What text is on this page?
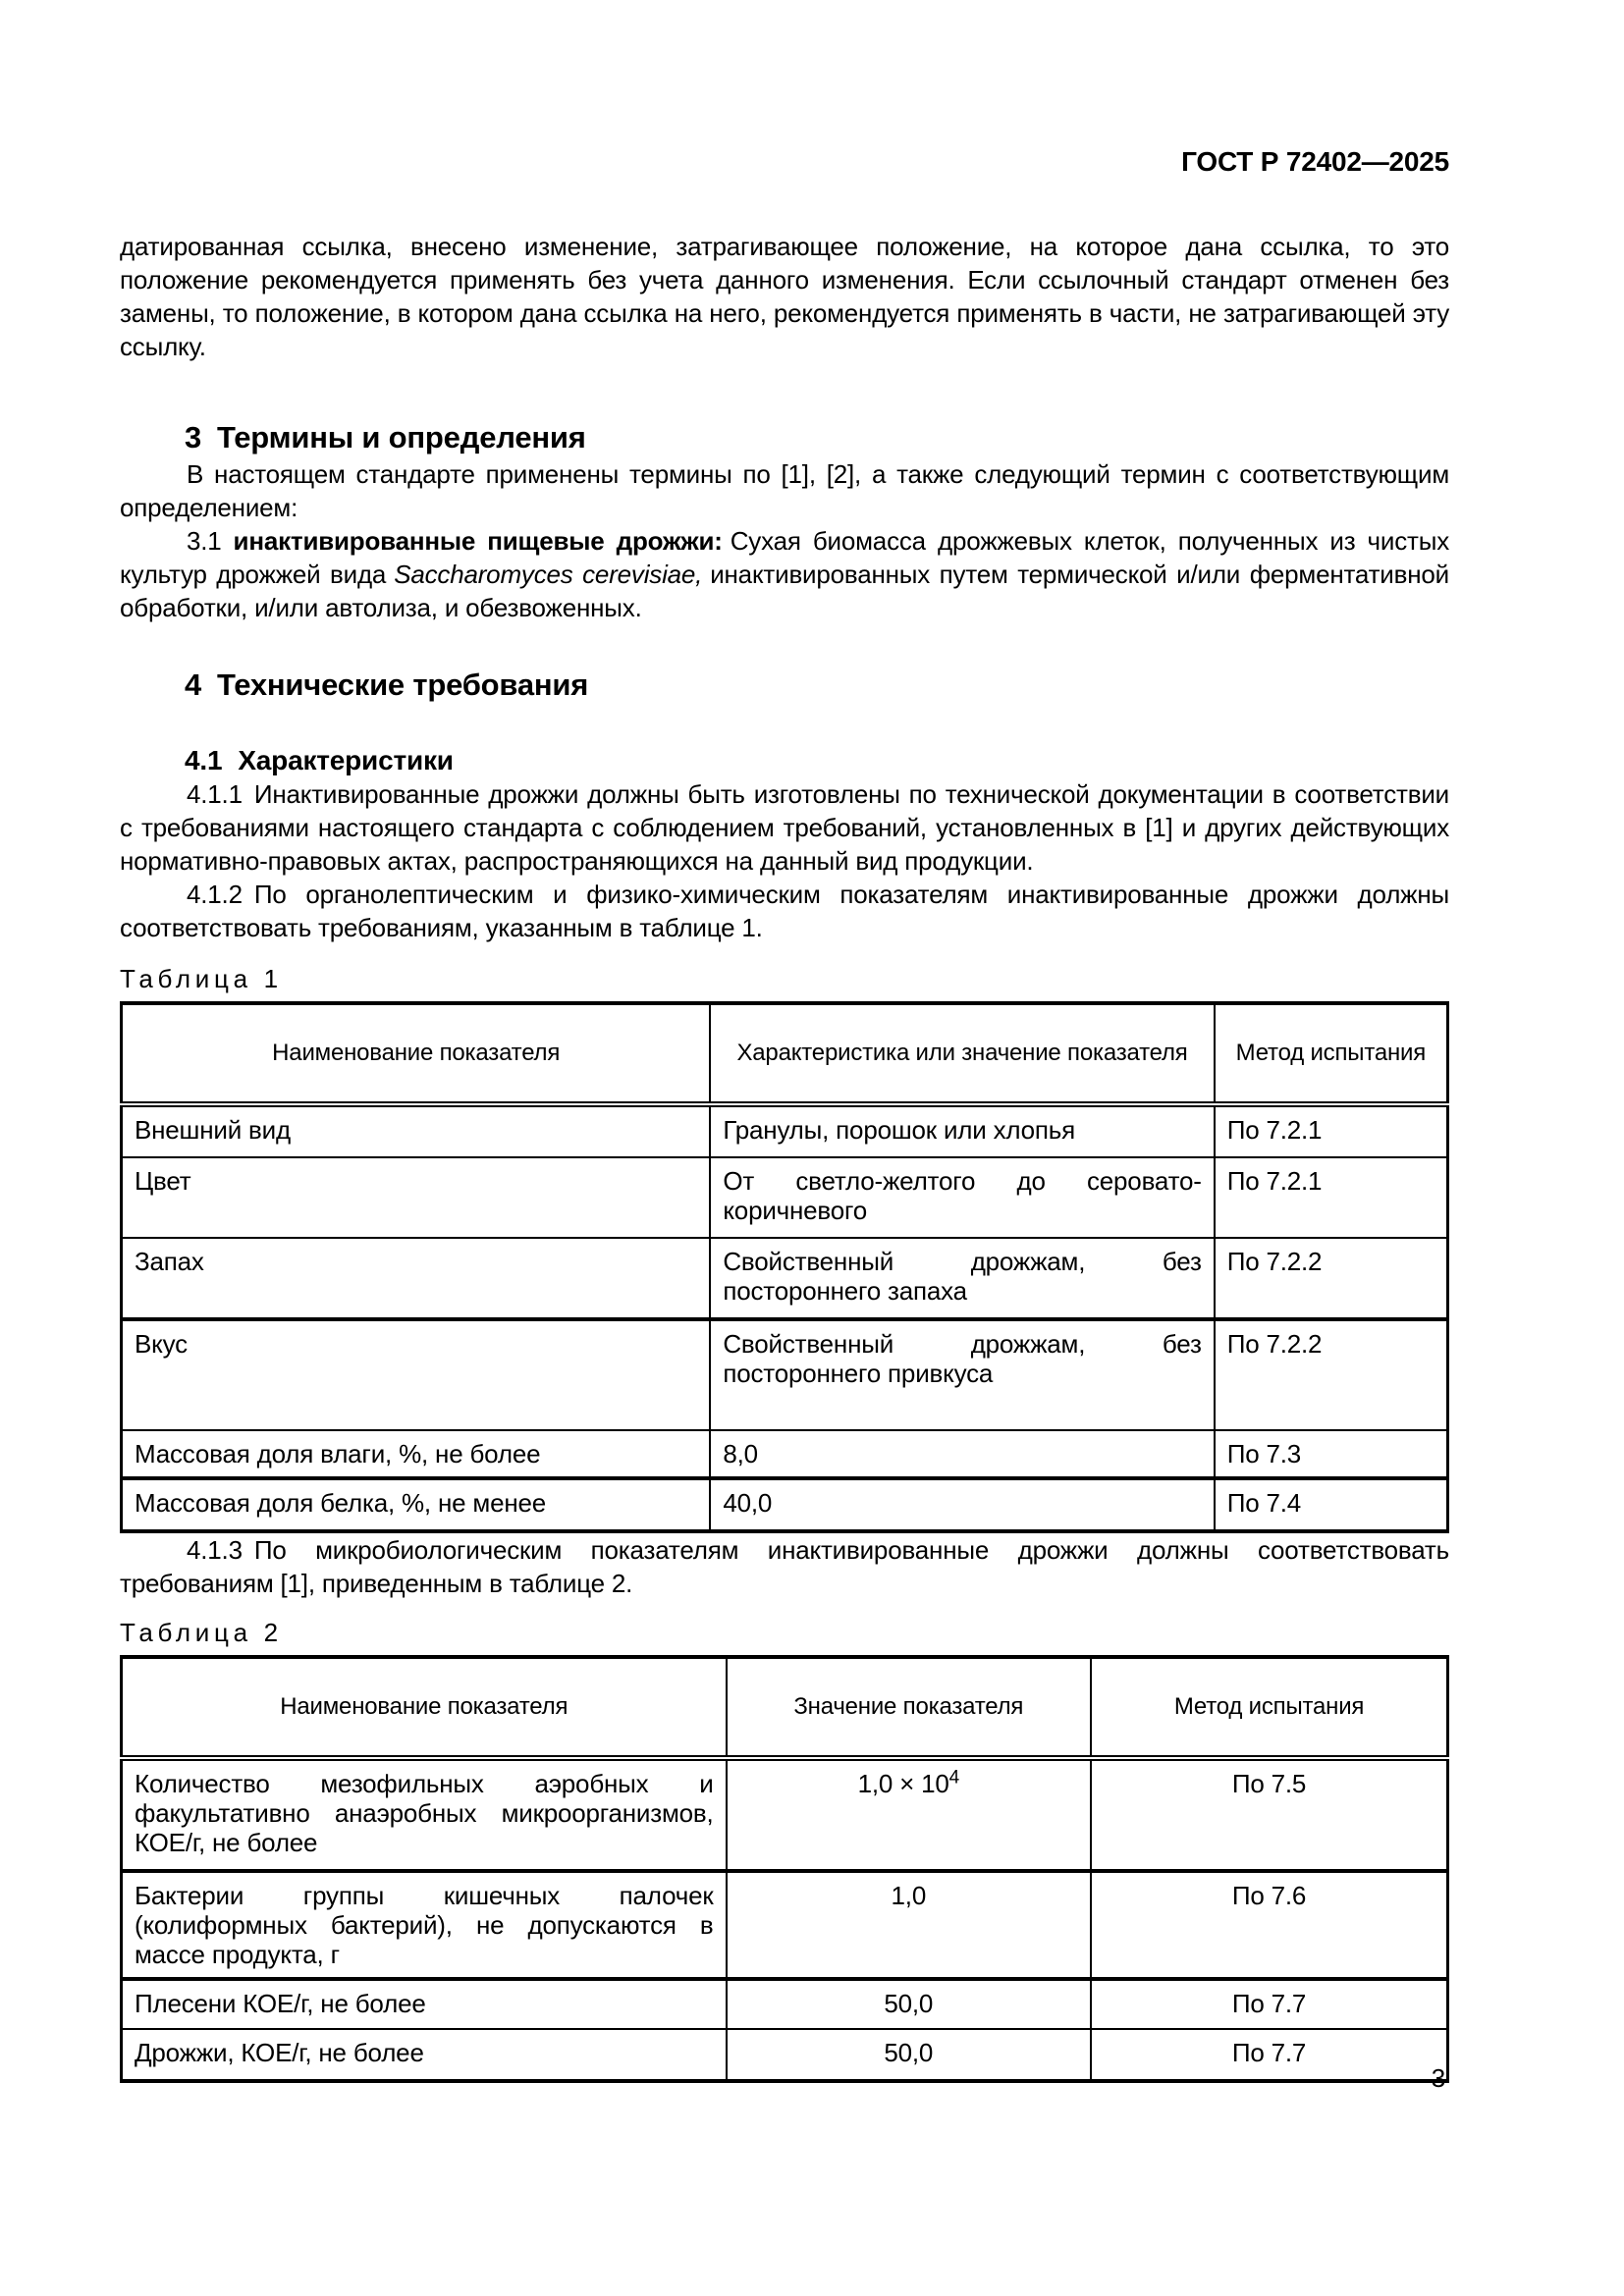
ГОСТ Р 72402—2025

датированная ссылка, внесено изменение, затрагивающее положение, на которое дана ссылка, то это положение рекомендуется применять без учета данного изменения. Если ссылочный стандарт отменен без замены, то положение, в котором дана ссылка на него, рекомендуется применять в части, не затрагивающей эту ссылку.

3 Термины и определения

В настоящем стандарте применены термины по [1], [2], а также следующий термин с соответствующим определением:

3.1 инактивированные пищевые дрожжи: Сухая биомасса дрожжевых клеток, полученных из чистых культур дрожжей вида Saccharomyces cerevisiae, инактивированных путем термической и/или ферментативной обработки, и/или автолиза, и обезвоженных.

4 Технические требования
4.1 Характеристики

4.1.1 Инактивированные дрожжи должны быть изготовлены по технической документации в соответствии с требованиями настоящего стандарта с соблюдением требований, установленных в [1] и других действующих нормативно-правовых актах, распространяющихся на данный вид продукции.

4.1.2 По органолептическим и физико-химическим показателям инактивированные дрожжи должны соответствовать требованиям, указанным в таблице 1.

Таблица 1
Наименование показателя	Характеристика или значение показателя	Метод испытания
Внешний вид	Гранулы, порошок или хлопья	По 7.2.1
Цвет	От светло-желтого до серовато-коричневого	По 7.2.1
Запах	Свойственный дрожжам, без постороннего запаха	По 7.2.2
Вкус	Свойственный дрожжам, без постороннего привкуса	По 7.2.2
Массовая доля влаги, %, не более	8,0	По 7.3
Массовая доля белка, %, не менее	40,0	По 7.4

4.1.3 По микробиологическим показателям инактивированные дрожжи должны соответствовать требованиям [1], приведенным в таблице 2.

Таблица 2
Наименование показателя	Значение показателя	Метод испытания
Количество мезофильных аэробных и факультативно анаэробных микроорганизмов, КОЕ/г, не более	$1,0 \times 10^4$	По 7.5
Бактерии группы кишечных палочек (колиформных бактерий), не допускаются в массе продукта, г	1,0	По 7.6
Плесени КОЕ/г, не более	50,0	По 7.7
Дрожжи, КОЕ/г, не более	50,0	По 7.7
3
